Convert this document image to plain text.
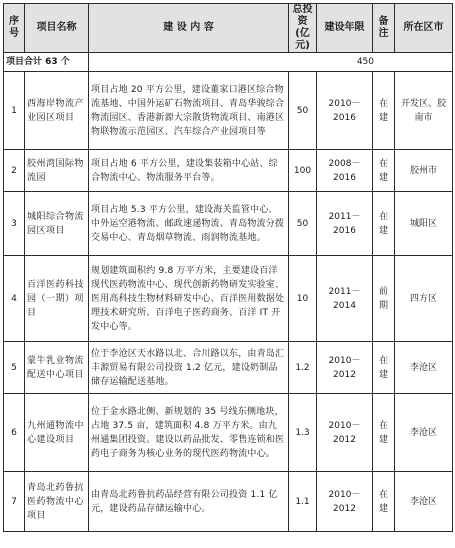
序号	项目名称	建 设 内 容	总投资(亿元)	建设年限	备注	所在区市
项目合计 63 个		450				
1	西海岸物流产业园区项目	项目占地 20 平方公里，建设董家口港区综合物流基地、中国外运矿石物流项目、青岛华骏综合物流园区、香港新源大宗散货物流项目、南港区物联物流示范园区、汽车综合产业园项目等	50	2010－2016	在建	开发区、胶南市
2	胶州湾国际物流园	项目占地 6 平方公里，建设集装箱中心站、综合物流中心、物流服务平台等。	100	2008－2016	在建	胶州市
3	城阳综合物流园区项目	项目占地 5.3 平方公里，建设海关监管中心、中外运空港物流、邮政速递物流、青岛物流分拨交易中心、青岛烟草物流、雨润物流基地。	50	2011－2016	在建	城阳区
4	百洋医药科技园（一期）项目	规划建筑面积约 9.8 万平方米，主要建设百洋现代医药物流中心、现代创新药物研发实验室、医用高科技生物材料研发中心、百洋医用数据处理技术研究所、百洋电子医药商务、百洋 IT 开发中心等。	10	2011－2014	前期	四方区
5	蒙牛乳业物流配送中心项目	位于李沧区天水路以北、合川路以东，由青岛汇丰源贸易有限公司投资 1.2 亿元，建设奶制品储存运输配送基地。	1.2	2010－2012	在建	李沧区
6	九州通物流中心建设项目	位于金水路北侧、新规划的 35 号线东侧地块，占地 37.5 亩，建筑面积 4.8 万平方米。由九州通集团投资。建设以药品批发、零售连锁和医药电子商务为核心业务的现代医药物流中心。	1.3	2010－2012	在建	李沧区
7	青岛北药鲁抗医药物流中心项目	由青岛北药鲁抗药品经营有限公司投资 1.1 亿元，建设药品存储运输中心。	1.1	2010－2012	在建	李沧区
